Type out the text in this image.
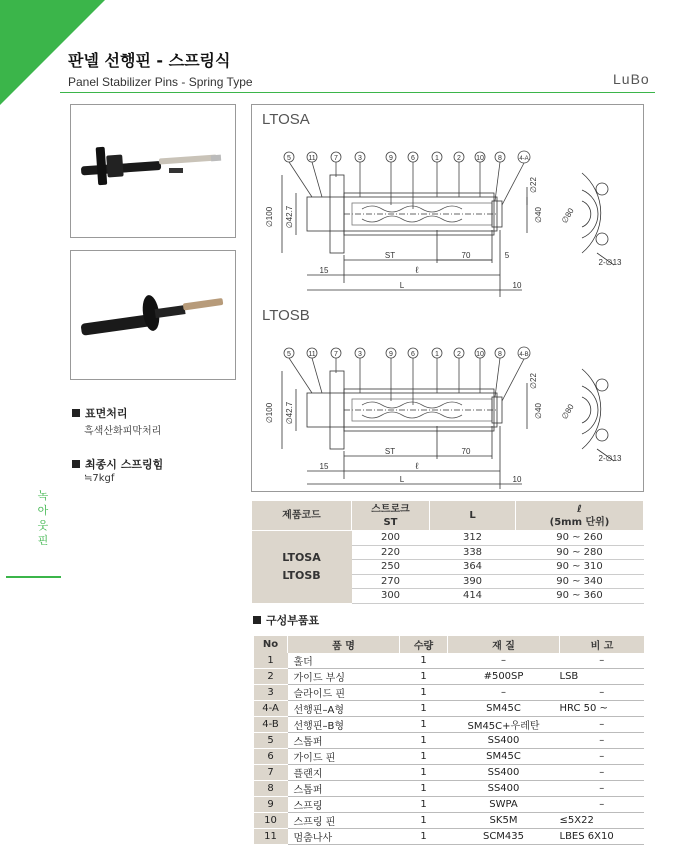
판넬 선행핀 - 스프링식
Panel Stabilizer Pins - Spring Type	LuBo
표면처리
흑색산화피막처리
최종시 스프링힘
≒7kgf
녹
아
웃
핀
LTOSA
LTOSB
5 11	7	3	9	6	1	2 10 8	4-A
∅100 ∅42.7
∅22
∅40 ∅80
2-∅13
ST	70	5
15	ℓ
L	10
5 11	7	3	9	6	1	2 10 8	4-B
∅100 ∅42.7
∅22
∅40 ∅80
2-∅13
ST	70
15	ℓ
L	10
제품코드	스트로크
ST	L	ℓ
(5mm 단위)
LTOSA
LTOSB	200	312	90 ~ 260
	220	338	90 ~ 280
	250	364	90 ~ 310
	270	390	90 ~ 340
	300	414	90 ~ 360
구성부품표
No	품 명	수량	재 질	비 고
1	홀더	1	–	–
2	가이드 부싱	1	#500SP	LSB
3	슬라이드 핀	1	–	–
4-A	선행핀–A형	1	SM45C	HRC 50 ~
4-B	선행핀–B형	1	SM45C+우레탄	–
5	스톱퍼	1	SS400	–
6	가이드 핀	1	SM45C	–
7	플랜지	1	SS400	–
8	스톱퍼	1	SS400	–
9	스프링	1	SWPA	–
10	스프링 핀	1	SK5M	≤5X22
11	멈춤나사	1	SCM435	LBES 6X10
